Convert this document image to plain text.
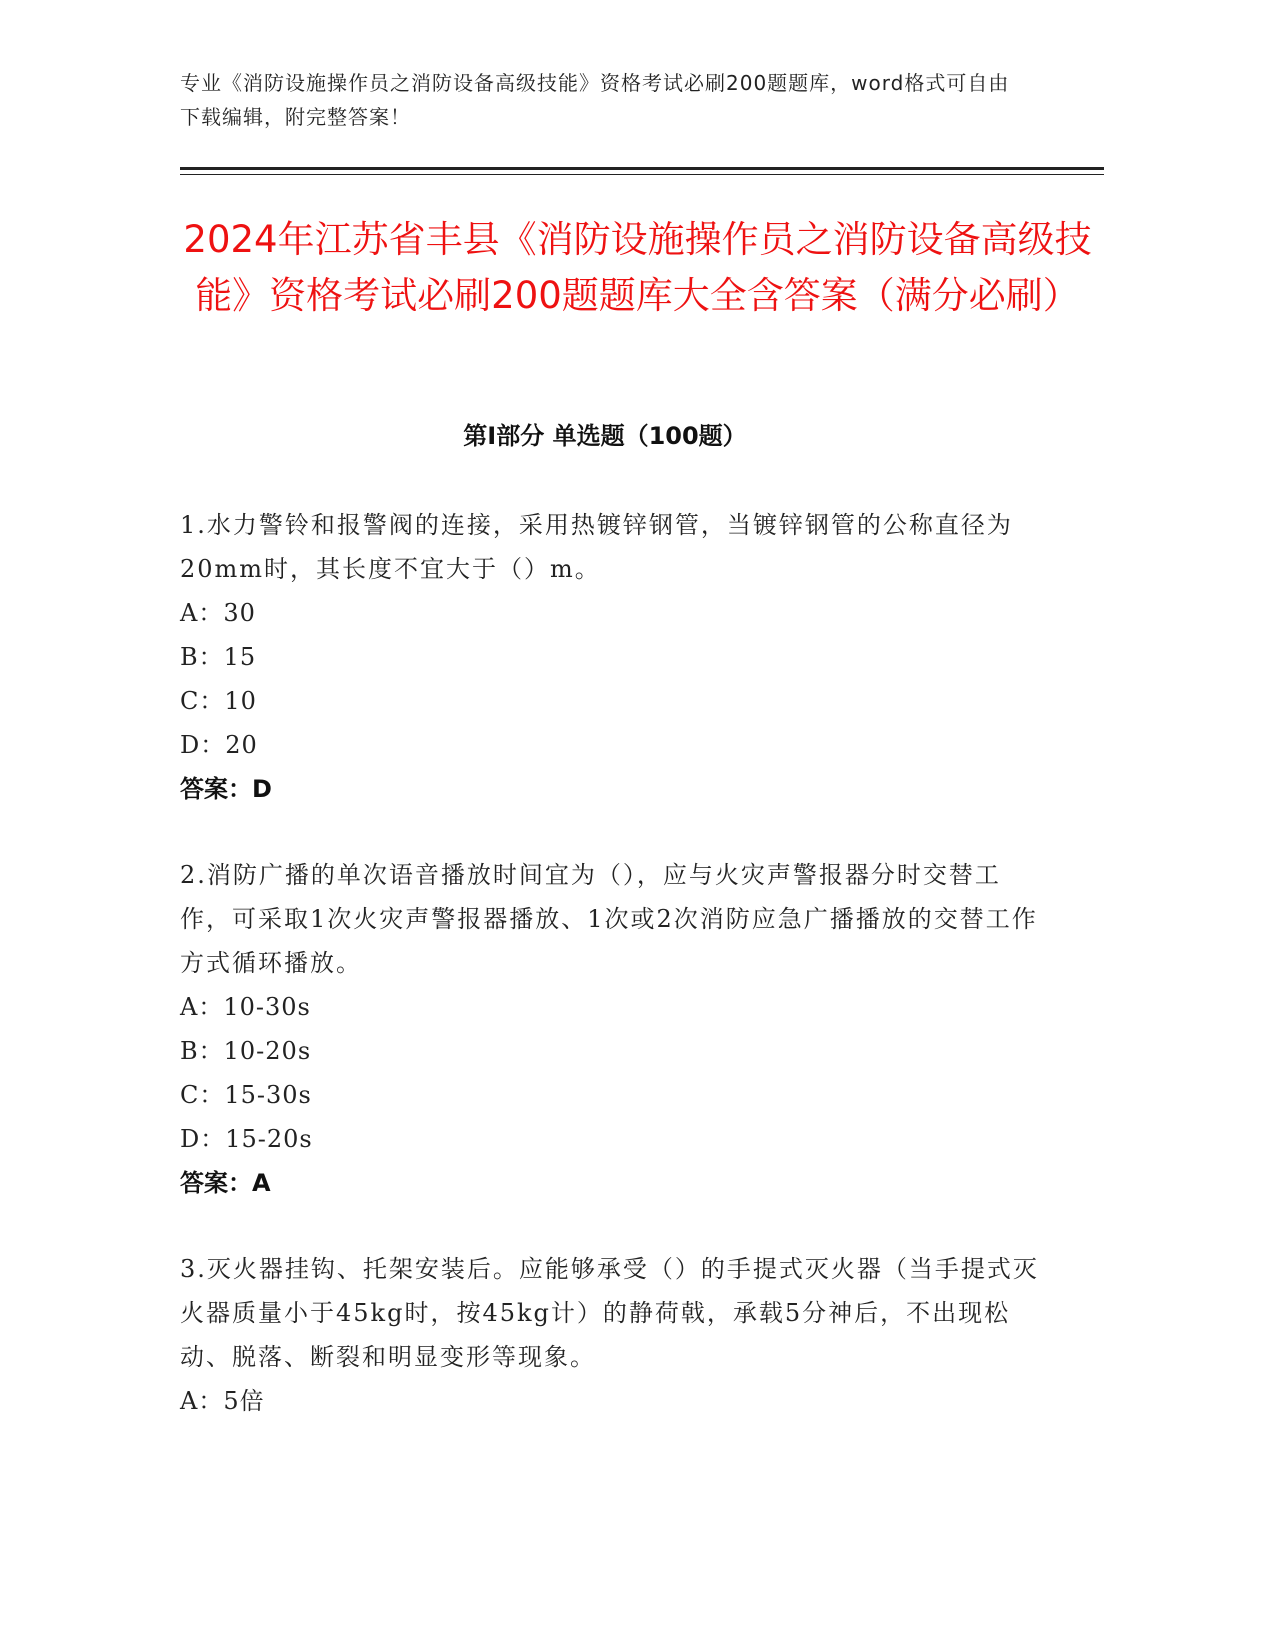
专业《消防设施操作员之消防设备高级技能》资格考试必刷200题题库，word格式可自由下载编辑，附完整答案！
2024年江苏省丰县《消防设施操作员之消防设备高级技能》资格考试必刷200题题库大全含答案（满分必刷）
第I部分 单选题（100题）

1.水力警铃和报警阀的连接，采用热镀锌钢管，当镀锌钢管的公称直径为20mm时，其长度不宜大于（）m。

A：30

B：15

C：10

D：20

答案：D

2.消防广播的单次语音播放时间宜为（），应与火灾声警报器分时交替工作，可采取1次火灾声警报器播放、1次或2次消防应急广播播放的交替工作方式循环播放。

A：10-30s

B：10-20s

C：15-30s

D：15-20s

答案：A

3.灭火器挂钩、托架安装后。应能够承受（）的手提式灭火器（当手提式灭火器质量小于45kg时，按45kg计）的静荷戟，承载5分神后，不出现松动、脱落、断裂和明显变形等现象。

A：5倍
